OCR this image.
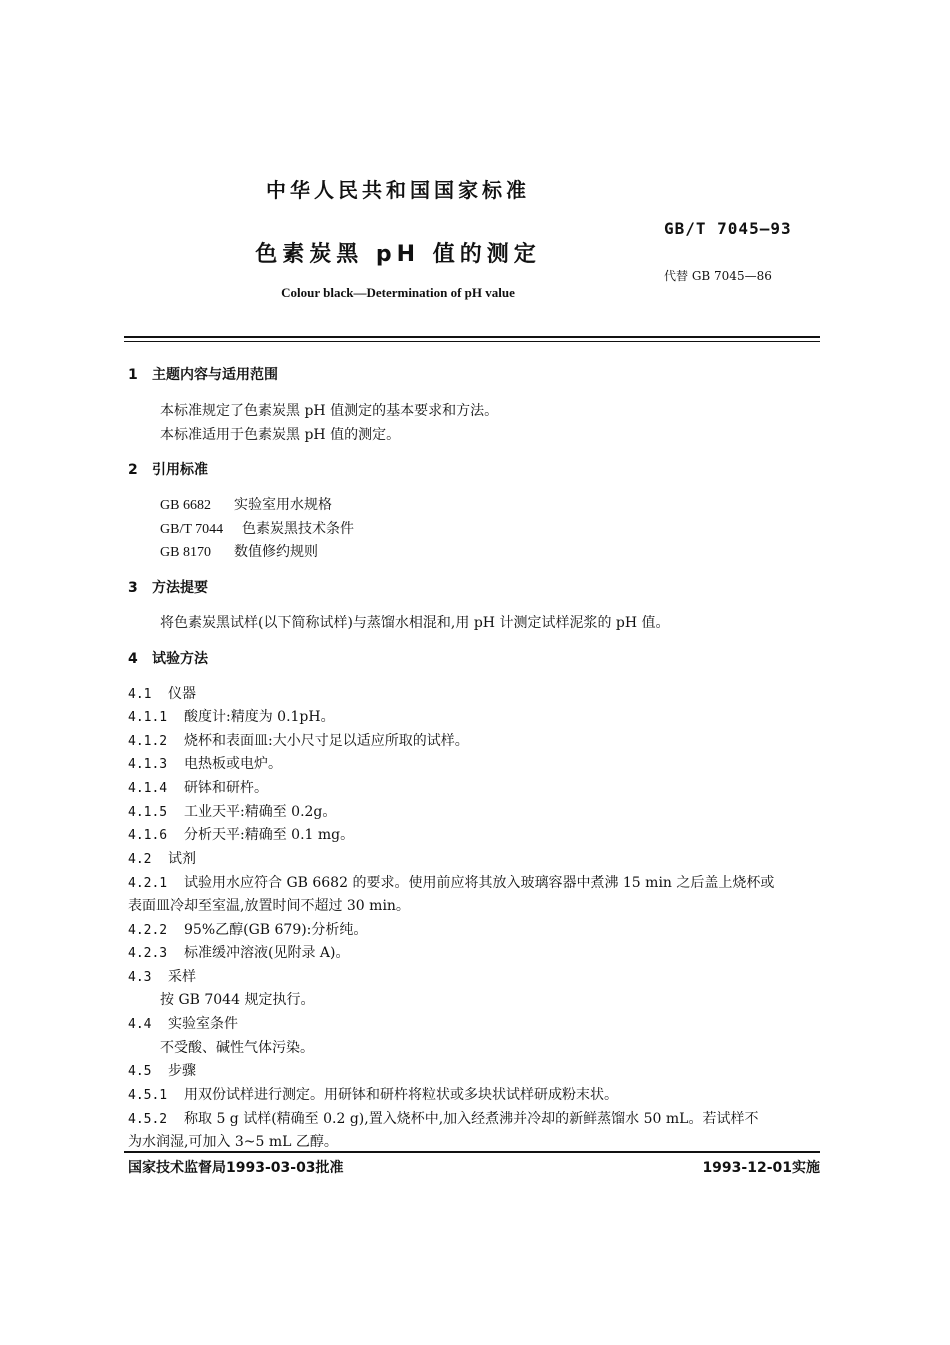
中华人民共和国国家标准
GB/T 7045—93
色素炭黑 pH 值的测定
代替 GB 7045—86
Colour black—Determination of pH value
1 主题内容与适用范围
本标准规定了色素炭黑 pH 值测定的基本要求和方法。
本标准适用于色素炭黑 pH 值的测定。
2 引用标准
GB 6682 实验室用水规格
GB/T 7044 色素炭黑技术条件
GB 8170 数值修约规则
3 方法提要
将色素炭黑试样(以下简称试样)与蒸馏水相混和,用 pH 计测定试样泥浆的 pH 值。
4 试验方法
4.1 仪器
4.1.1 酸度计:精度为 0.1pH。
4.1.2 烧杯和表面皿:大小尺寸足以适应所取的试样。
4.1.3 电热板或电炉。
4.1.4 研钵和研杵。
4.1.5 工业天平:精确至 0.2g。
4.1.6 分析天平:精确至 0.1 mg。
4.2 试剂
4.2.1 试验用水应符合 GB 6682 的要求。使用前应将其放入玻璃容器中煮沸 15 min 之后盖上烧杯或
表面皿冷却至室温,放置时间不超过 30 min。
4.2.2 95%乙醇(GB 679):分析纯。
4.2.3 标准缓冲溶液(见附录 A)。
4.3 采样
按 GB 7044 规定执行。
4.4 实验室条件
不受酸、碱性气体污染。
4.5 步骤
4.5.1 用双份试样进行测定。用研钵和研杵将粒状或多块状试样研成粉末状。
4.5.2 称取 5 g 试样(精确至 0.2 g),置入烧杯中,加入经煮沸并冷却的新鲜蒸馏水 50 mL。若试样不
为水润湿,可加入 3~5 mL 乙醇。
国家技术监督局1993-03-03批准	1993-12-01实施
